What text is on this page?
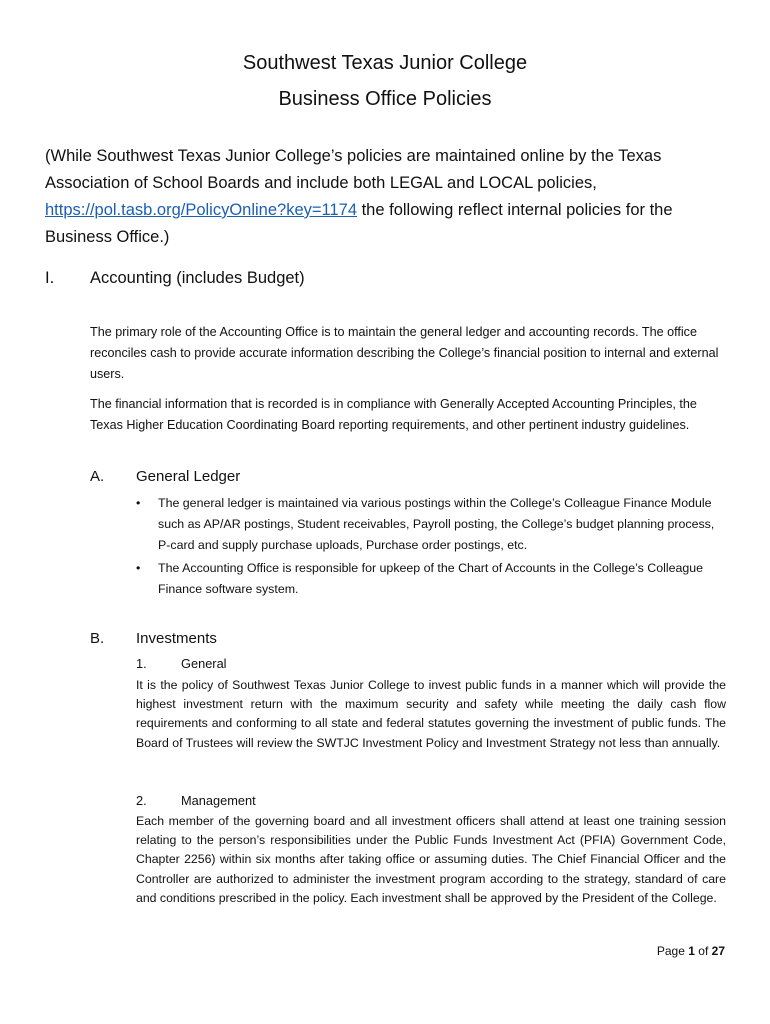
Southwest Texas Junior College
Business Office Policies

(While Southwest Texas Junior College’s policies are maintained online by the Texas Association of School Boards and include both LEGAL and LOCAL policies, https://pol.tasb.org/PolicyOnline?key=1174 the following reflect internal policies for the Business Office.)

I. Accounting (includes Budget)

The primary role of the Accounting Office is to maintain the general ledger and accounting records. The office reconciles cash to provide accurate information describing the College’s financial position to internal and external users.

The financial information that is recorded is in compliance with Generally Accepted Accounting Principles, the Texas Higher Education Coordinating Board reporting requirements, and other pertinent industry guidelines.

A. General Ledger
• The general ledger is maintained via various postings within the College’s Colleague Finance Module such as AP/AR postings, Student receivables, Payroll posting, the College’s budget planning process, P-card and supply purchase uploads, Purchase order postings, etc.
• The Accounting Office is responsible for upkeep of the Chart of Accounts in the College’s Colleague Finance software system.
B. Investments
1.	General

It is the policy of Southwest Texas Junior College to invest public funds in a manner which will provide the highest investment return with the maximum security and safety while meeting the daily cash flow requirements and conforming to all state and federal statutes governing the investment of public funds. The Board of Trustees will review the SWTJC Investment Policy and Investment Strategy not less than annually.

2.	Management

Each member of the governing board and all investment officers shall attend at least one training session relating to the person’s responsibilities under the Public Funds Investment Act (PFIA) Government Code, Chapter 2256) within six months after taking office or assuming duties. The Chief Financial Officer and the Controller are authorized to administer the investment program according to the strategy, standard of care and conditions prescribed in the policy. Each investment shall be approved by the President of the College.

Page 1 of 27
